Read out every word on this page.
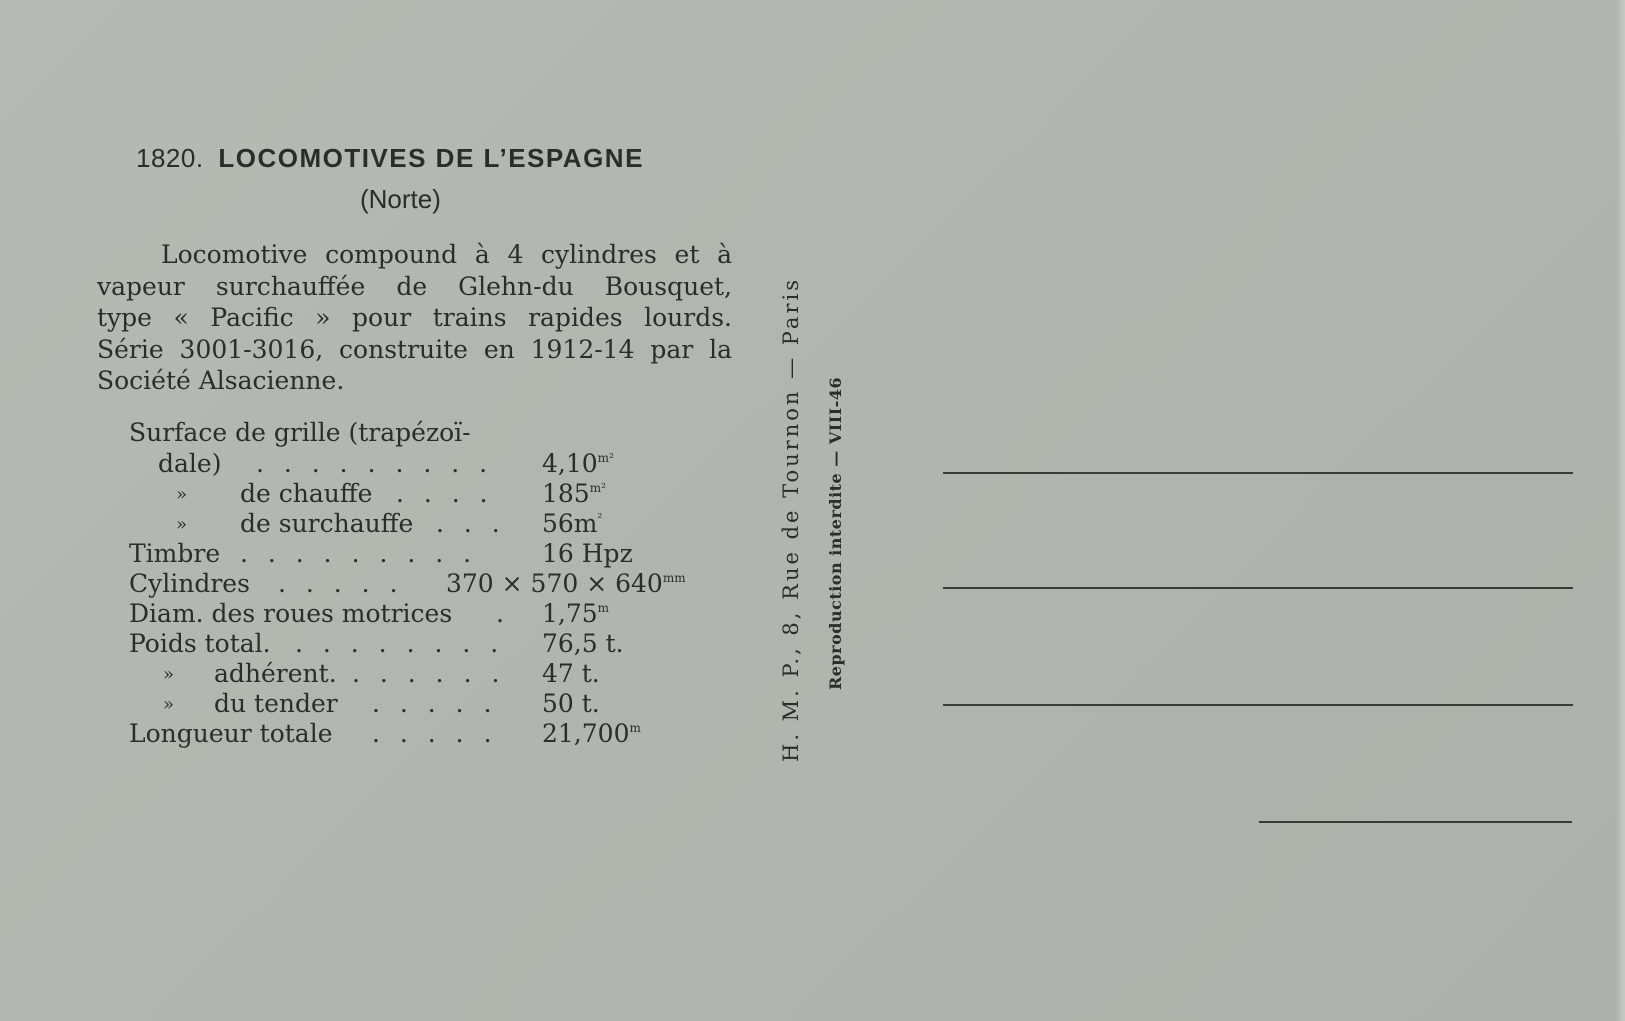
1820. LOCOMOTIVES DE L’ESPAGNE
(Norte)
Locomotive compound à 4 cylindres et à
vapeur surchauffée de Glehn-du Bousquet,
type « Pacific » pour trains rapides lourds.
Série 3001-3016, construite en 1912-14 par la
Société Alsacienne.
Surface de grille (trapézoï-
dale) . . . . . . . . . $4,10^{m^2}$
» de chauffe . . . . $185^{m^2}$
» de surchauffe . . . $56m^{^2}$
Timbre . . . . . . . . .	16 Hpz
Cylindres . . . . . $370 \times 570 \times 640^{mm}$
Diam. des roues motrices . 1,75$^m$
Poids total. . . . . . . . . 76,5 t.
» adhérent. . . . . . . 47 t.
» du tender . . . . . 50 t.
Longueur totale . . . . . 21,700$^m$	H. M. P., 8, Rue de Tournon — Paris Reproduction interdite — VIII-46
